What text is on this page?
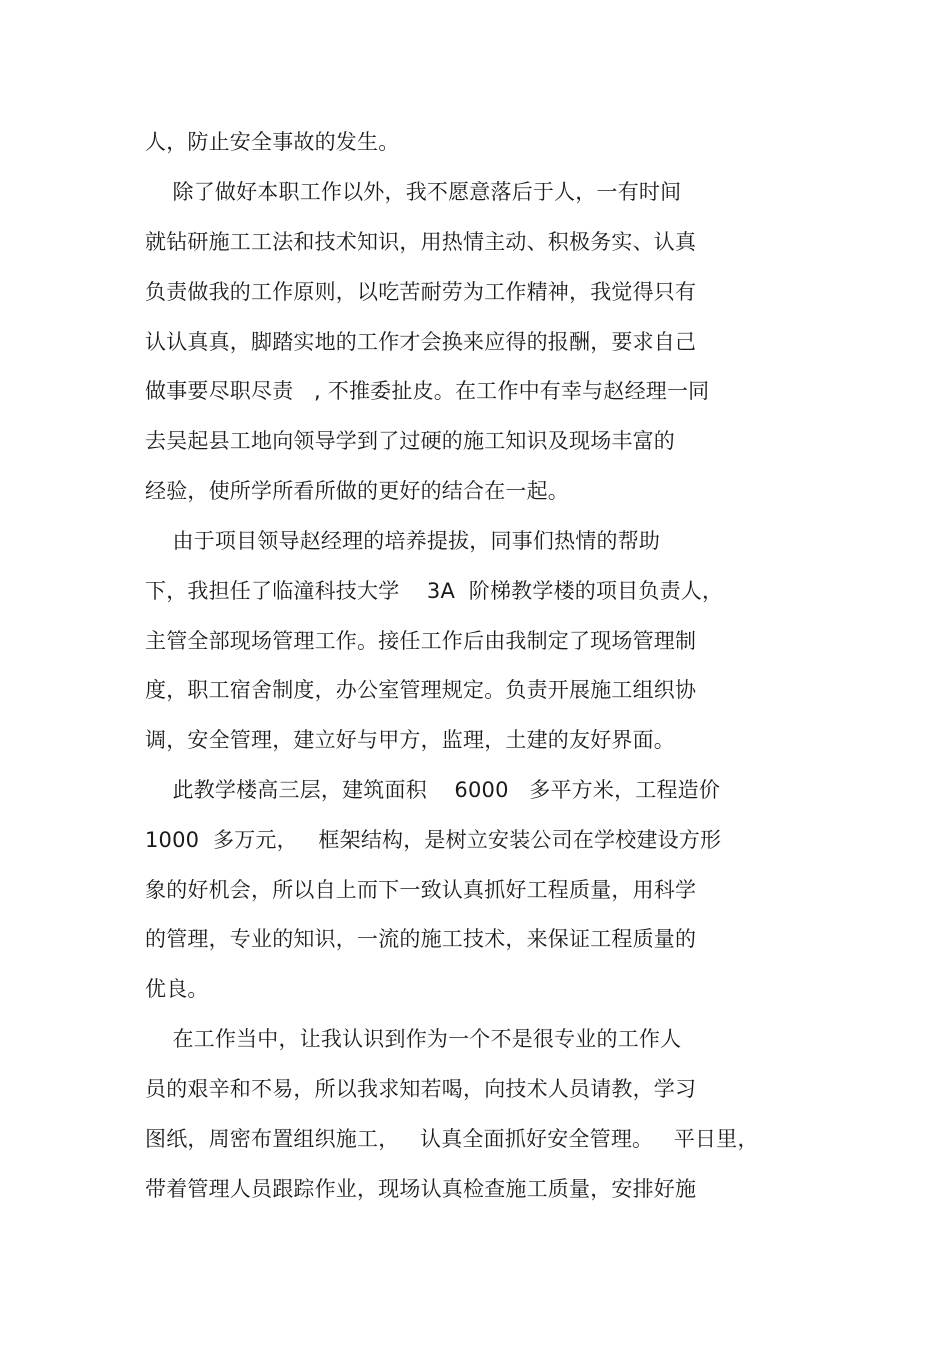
人，防止安全事故的发生。
除了做好本职工作以外，我不愿意落后于人，一有时间
就钻研施工工法和技术知识，用热情主动、积极务实、认真
负责做我的工作原则，以吃苦耐劳为工作精神，我觉得只有
认认真真，脚踏实地的工作才会换来应得的报酬，要求自己
做事要尽职尽责   , 不推委扯皮。在工作中有幸与赵经理一同
去吴起县工地向领导学到了过硬的施工知识及现场丰富的
经验，使所学所看所做的更好的结合在一起。
由于项目领导赵经理的培养提拔，同事们热情的帮助
下，我担任了临潼科技大学    3A  阶梯教学楼的项目负责人，
主管全部现场管理工作。接任工作后由我制定了现场管理制
度，职工宿舍制度，办公室管理规定。负责开展施工组织协
调，安全管理，建立好与甲方，监理，土建的友好界面。
此教学楼高三层，建筑面积    6000   多平方米，工程造价
1000  多万元，   框架结构，是树立安装公司在学校建设方形
象的好机会，所以自上而下一致认真抓好工程质量，用科学
的管理，专业的知识，一流的施工技术，来保证工程质量的
优良。
在工作当中，让我认识到作为一个不是很专业的工作人
员的艰辛和不易，所以我求知若喝，向技术人员请教，学习
图纸，周密布置组织施工，   认真全面抓好安全管理。   平日里，
带着管理人员跟踪作业，现场认真检查施工质量，安排好施
